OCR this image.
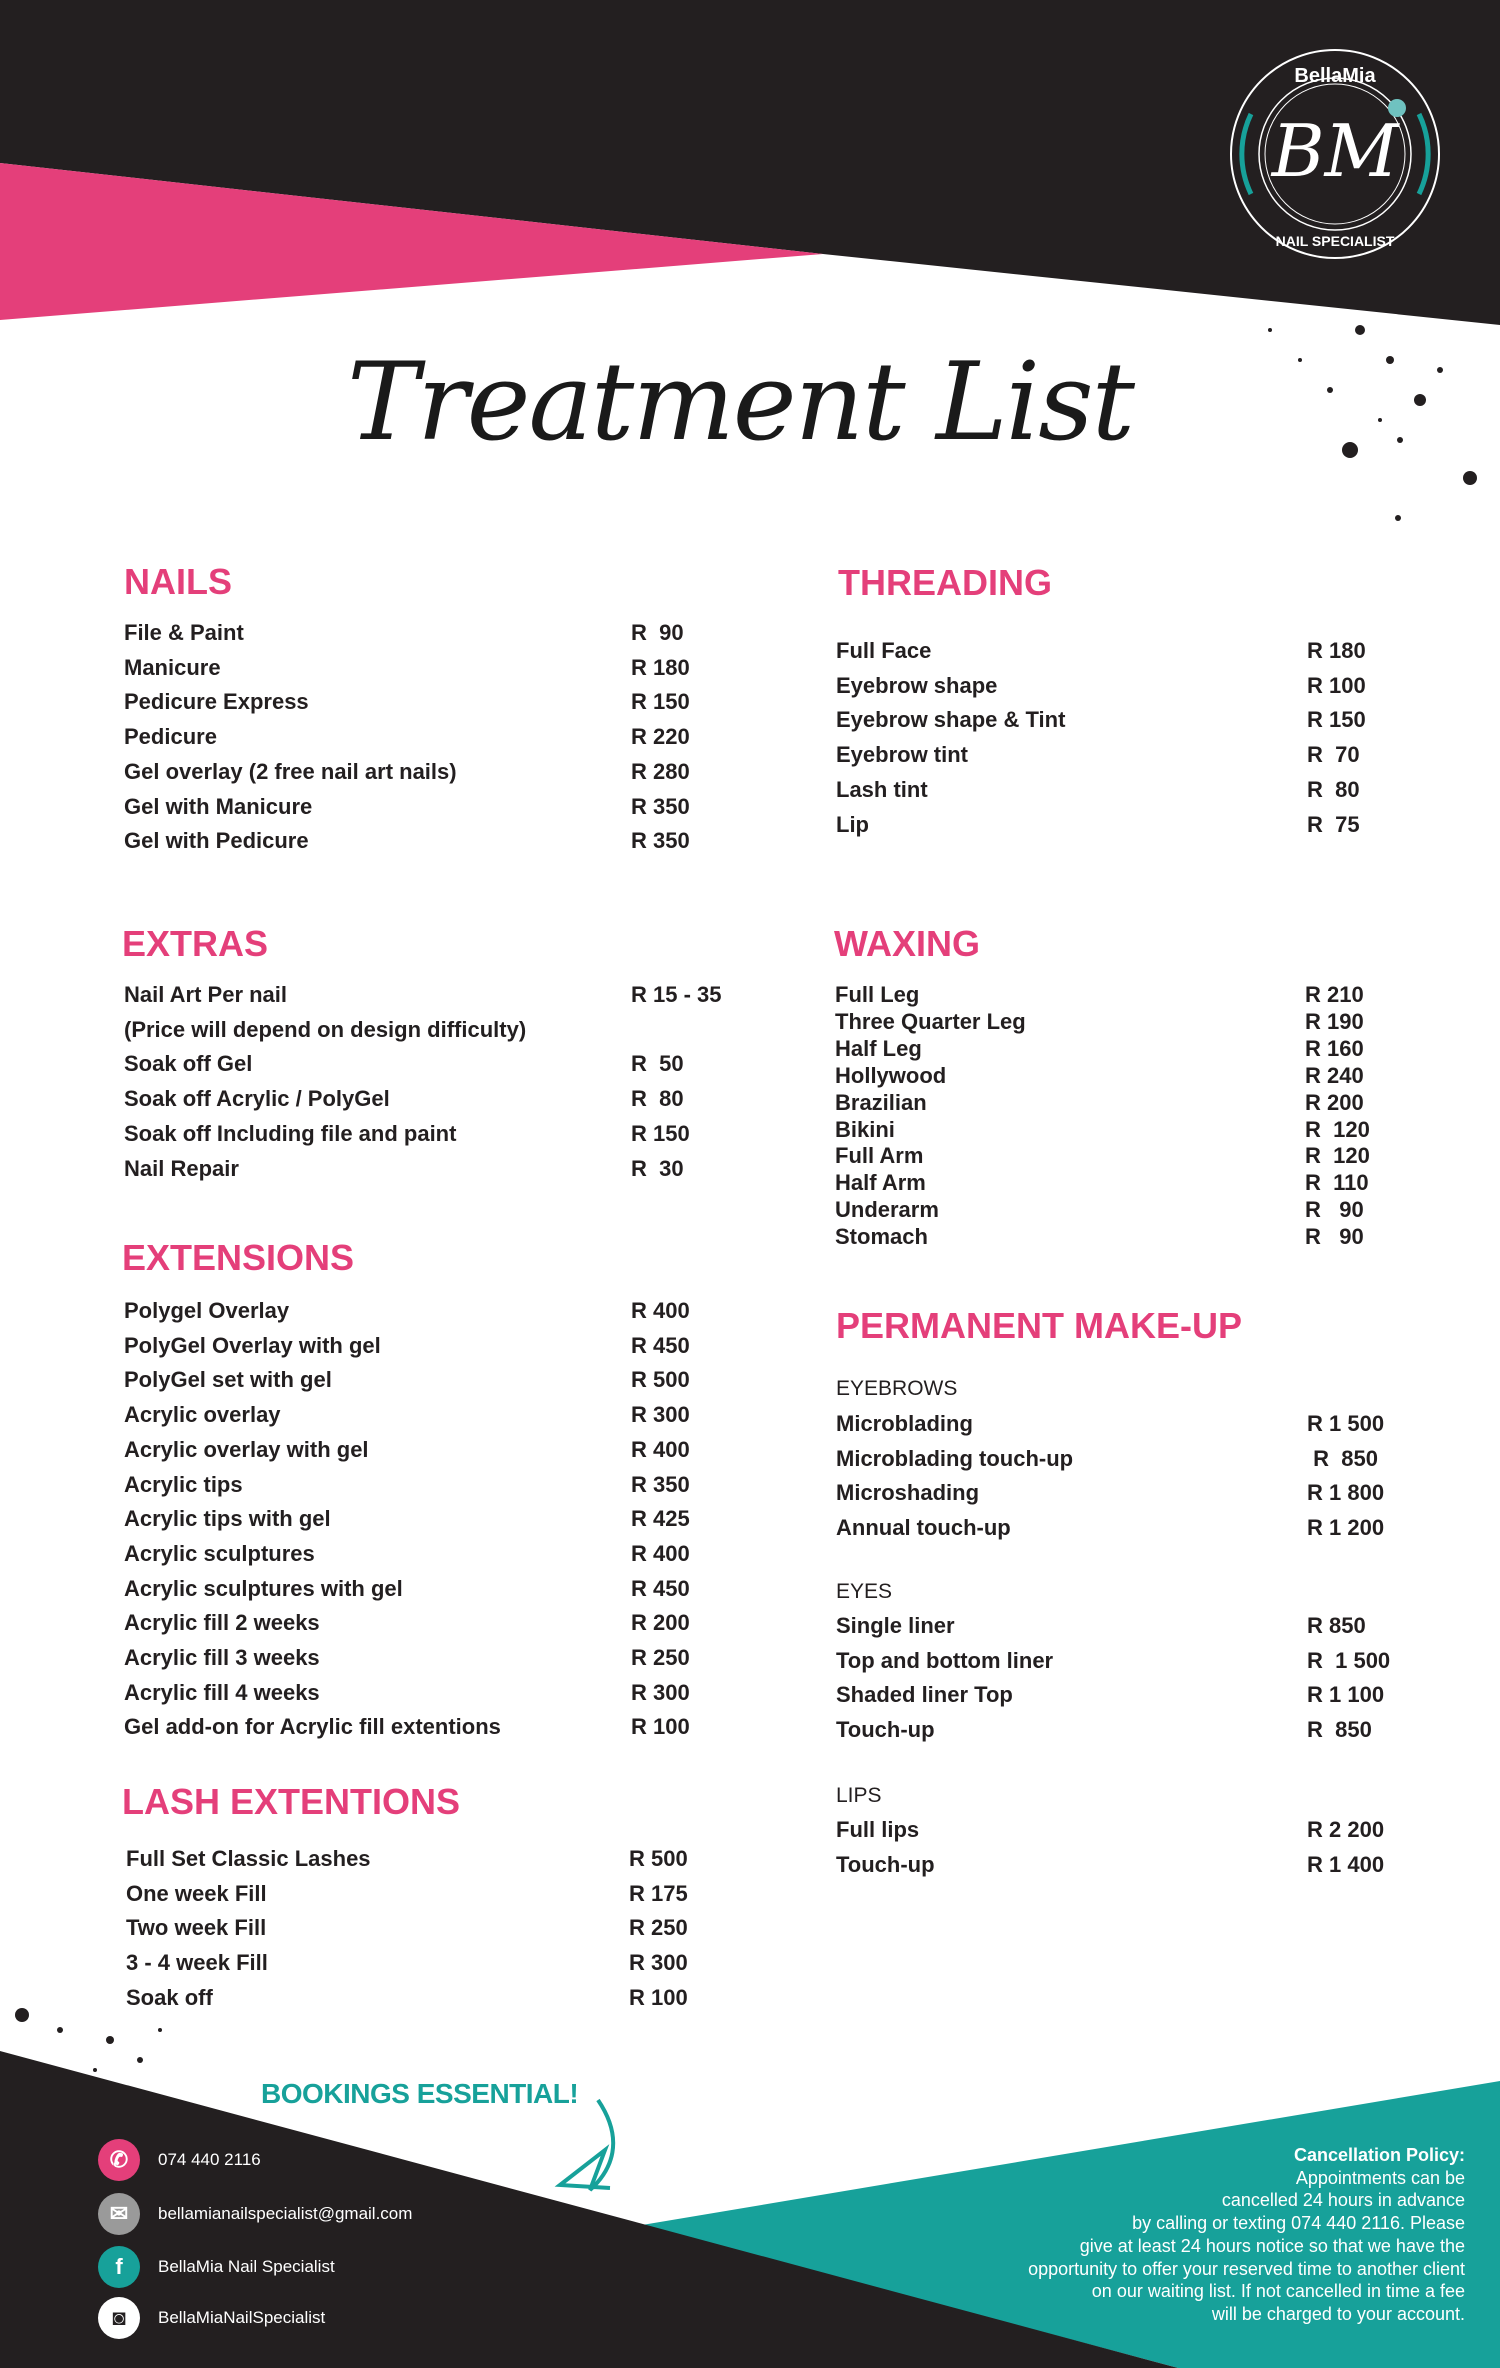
BellaMia
BM
NAIL SPECIALIST
Treatment List
NAILS
File & Paint	R  90
Manicure	R 180
Pedicure Express	R 150
Pedicure	R 220
Gel overlay (2 free nail art nails)	R 280
Gel with Manicure	R 350
Gel with Pedicure	R 350
EXTRAS
Nail Art Per nail	R 15 - 35
(Price will depend on design difficulty)
Soak off Gel	R  50
Soak off Acrylic / PolyGel	R  80
Soak off Including file and paint	R 150
Nail Repair	R  30
EXTENSIONS
Polygel Overlay	R 400
PolyGel Overlay with gel	R 450
PolyGel set with gel	R 500
Acrylic overlay	R 300
Acrylic overlay with gel	R 400
Acrylic tips	R 350
Acrylic tips with gel	R 425
Acrylic sculptures	R 400
Acrylic sculptures with gel	R 450
Acrylic fill 2 weeks	R 200
Acrylic fill 3 weeks	R 250
Acrylic fill 4 weeks	R 300
Gel add-on for Acrylic fill extentions	R 100
LASH EXTENTIONS
Full Set Classic Lashes	R 500
One week Fill	R 175
Two week Fill	R 250
3 - 4 week Fill	R 300
Soak off	R 100
THREADING
Full Face	R 180
Eyebrow shape	R 100
Eyebrow shape & Tint	R 150
Eyebrow tint	R  70
Lash tint	R  80
Lip	R  75
WAXING
Full Leg	R 210
Three Quarter Leg	R 190
Half Leg	R 160
Hollywood	R 240
Brazilian	R 200
Bikini	R  120
Full Arm	R  120
Half Arm	R  110
Underarm	R   90
Stomach	R   90
PERMANENT MAKE-UP
EYEBROWS
Microblading	R 1 500
Microblading touch-up	R  850
Microshading	R 1 800
Annual touch-up	R 1 200
EYES
Single liner	R 850
Top and bottom liner	R  1 500
Shaded liner Top	R 1 100
Touch-up	R  850
LIPS
Full lips	R 2 200
Touch-up	R 1 400
BOOKINGS ESSENTIAL!
✆	074 440 2116
✉	bellamianailspecialist@gmail.com
f	BellaMia Nail Specialist
◙	BellaMiaNailSpecialist
Cancellation Policy:
Appointments can be
cancelled 24 hours in advance
by calling or texting 074 440 2116. Please
give at least 24 hours notice so that we have the
opportunity to offer your reserved time to another client
on our waiting list. If not cancelled in time a fee
will be charged to your account.
